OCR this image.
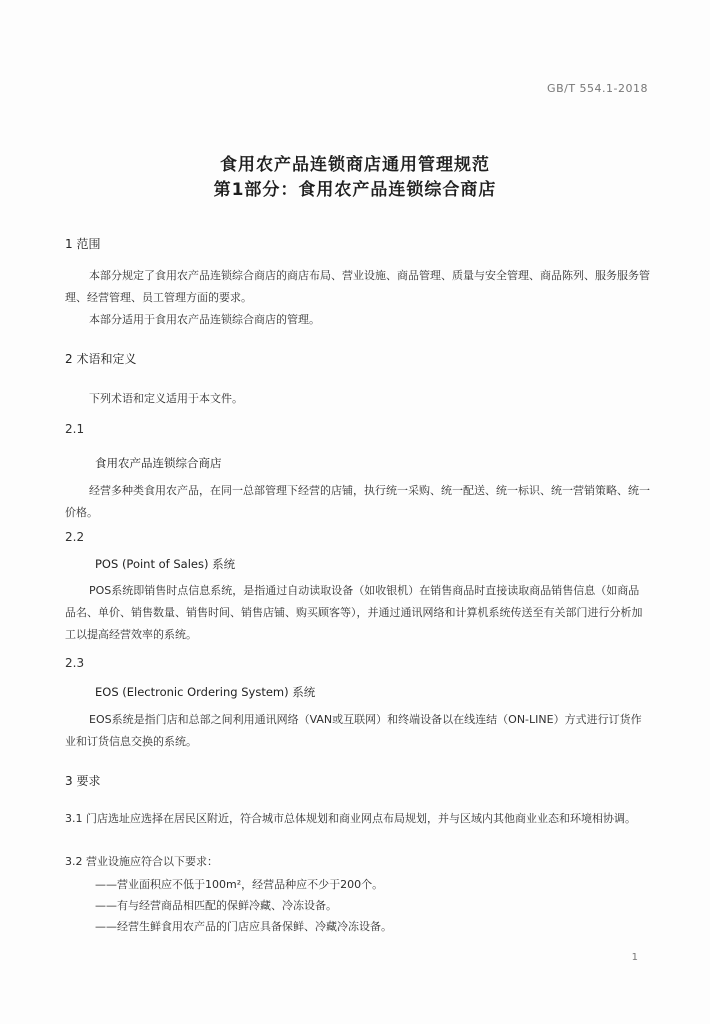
GB/T 554.1-2018
食用农产品连锁商店通用管理规范
第1部分：食用农产品连锁综合商店
1 范围
本部分规定了食用农产品连锁综合商店的商店布局、营业设施、商品管理、质量与安全管理、商品陈列、服务服务管理、经营管理、员工管理方面的要求。
本部分适用于食用农产品连锁综合商店的管理。
2 术语和定义
下列术语和定义适用于本文件。
2.1
食用农产品连锁综合商店
经营多种类食用农产品，在同一总部管理下经营的店铺，执行统一采购、统一配送、统一标识、统一营销策略、统一价格。
2.2
POS (Point of Sales) 系统
POS系统即销售时点信息系统，是指通过自动读取设备（如收银机）在销售商品时直接读取商品销售信息（如商品品名、单价、销售数量、销售时间、销售店铺、购买顾客等），并通过通讯网络和计算机系统传送至有关部门进行分析加工以提高经营效率的系统。
2.3
EOS (Electronic Ordering System) 系统
EOS系统是指门店和总部之间利用通讯网络（VAN或互联网）和终端设备以在线连结（ON-LINE）方式进行订货作业和订货信息交换的系统。
3 要求
3.1 门店选址应选择在居民区附近，符合城市总体规划和商业网点布局规划，并与区域内其他商业业态和环境相协调。
3.2 营业设施应符合以下要求：
——营业面积应不低于100m²，经营品种应不少于200个。
——有与经营商品相匹配的保鲜冷藏、冷冻设备。
——经营生鲜食用农产品的门店应具备保鲜、冷藏冷冻设备。
1
